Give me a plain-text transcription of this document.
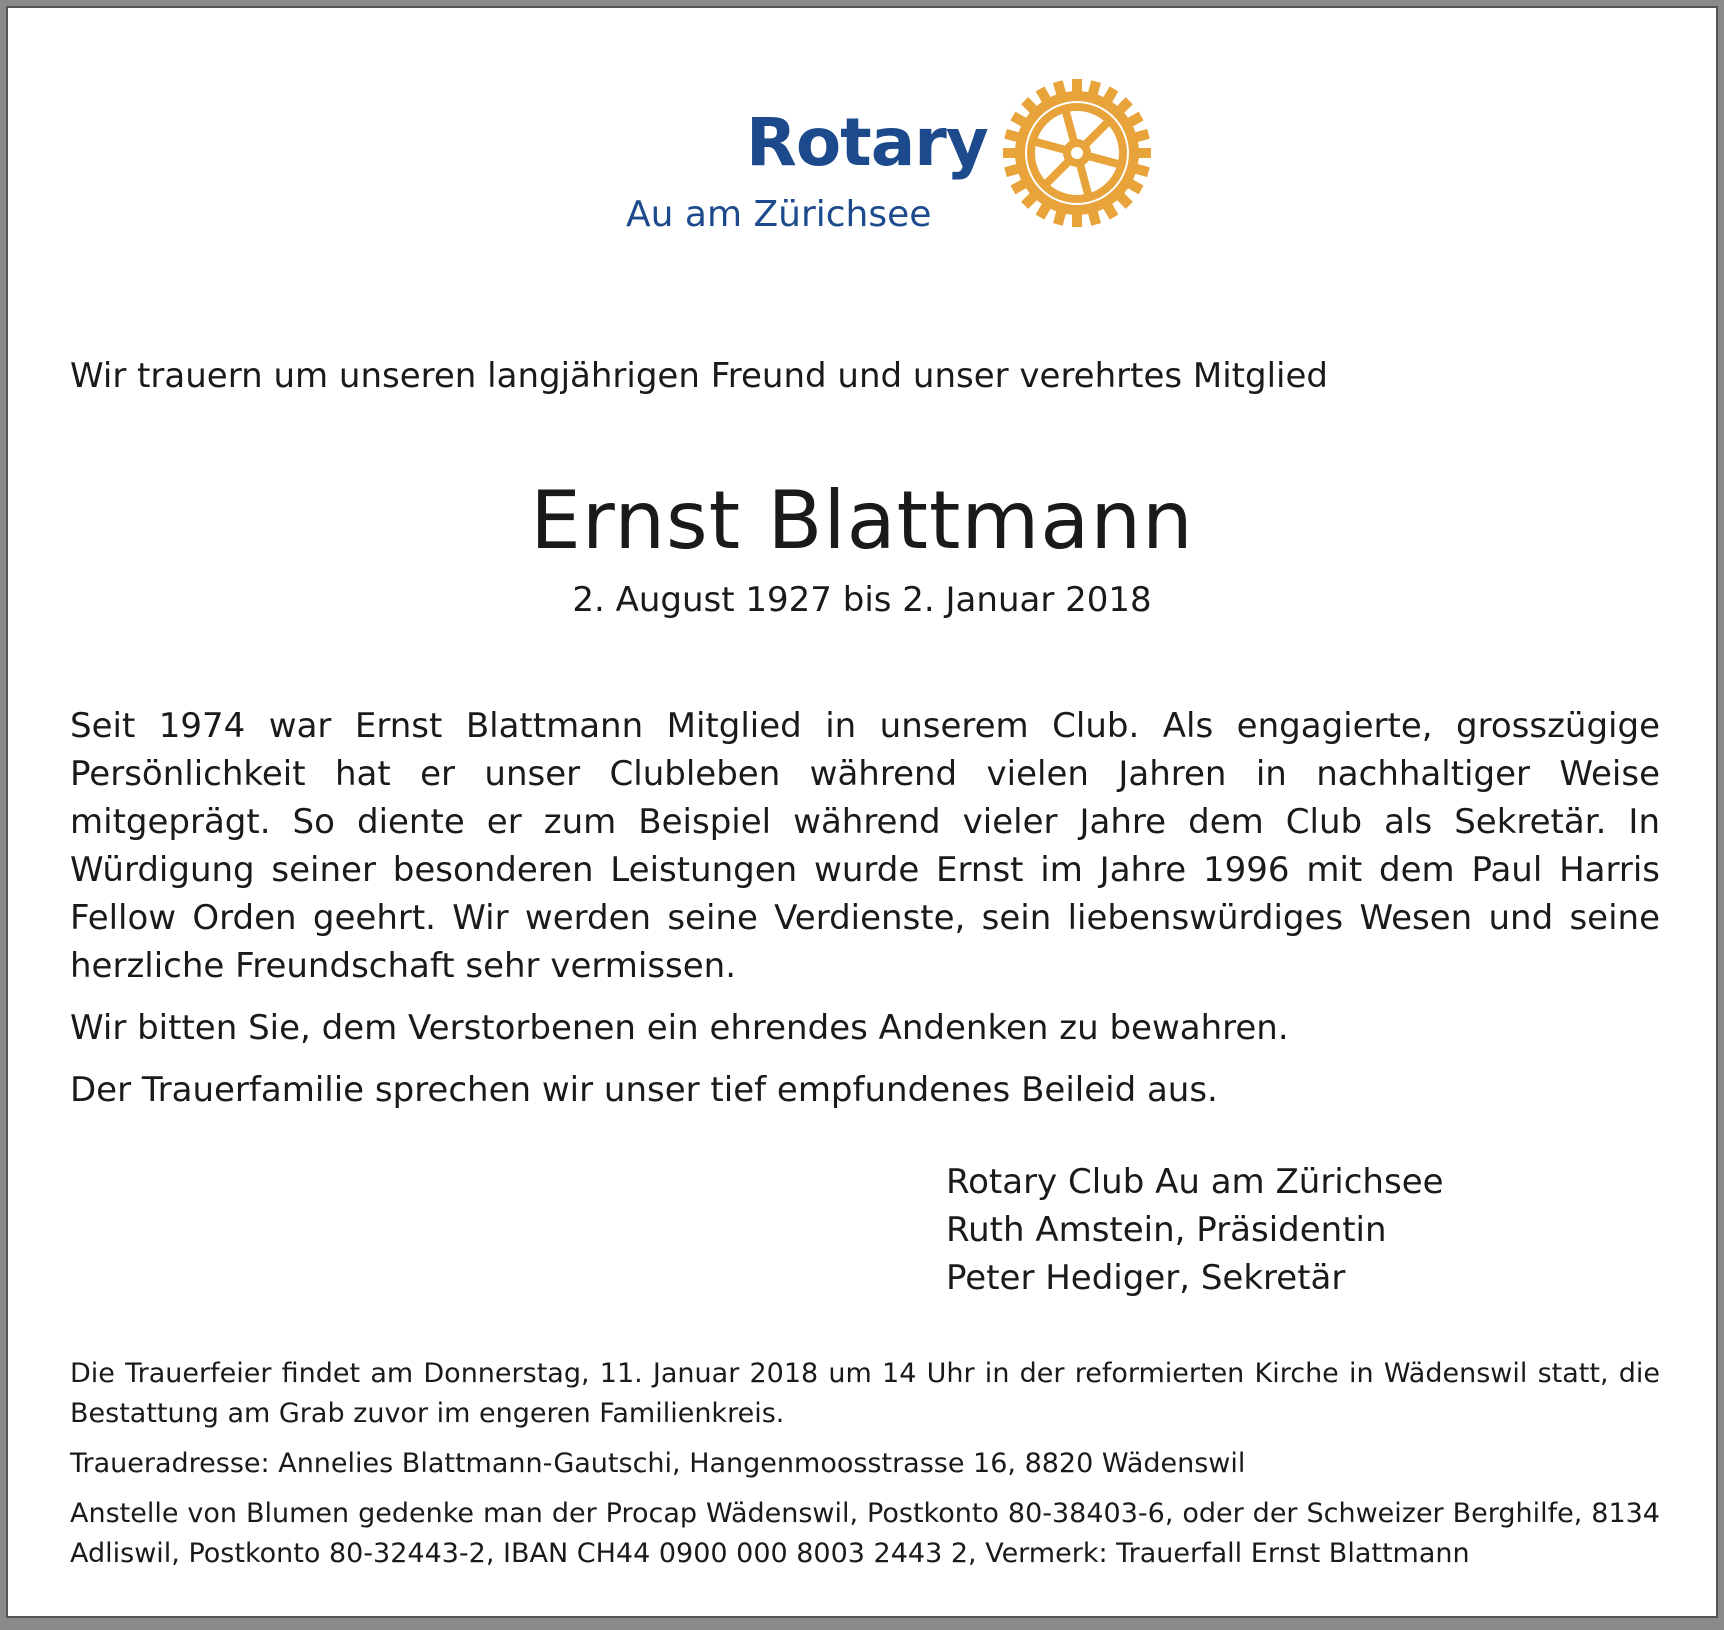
Rotary
Au am Zürichsee
Wir trauern um unseren langjährigen Freund und unser verehrtes Mitglied
Ernst Blattmann
2. August 1927 bis 2. Januar 2018

Seit 1974 war Ernst Blattmann Mitglied in unserem Club. Als engagierte, grosszügige Persönlichkeit hat er unser Clubleben während vielen Jahren in nachhaltiger Weise mitgeprägt. So diente er zum Beispiel während vieler Jahre dem Club als Sekretär. In Würdigung seiner besonderen Leistungen wurde Ernst im Jahre 1996 mit dem Paul Harris Fellow Orden geehrt. Wir werden seine Verdienste, sein liebenswürdiges Wesen und seine herzliche Freundschaft sehr vermissen.

Wir bitten Sie, dem Verstorbenen ein ehrendes Andenken zu bewahren.

Der Trauerfamilie sprechen wir unser tief empfundenes Beileid aus.

Rotary Club Au am Zürichsee
Ruth Amstein, Präsidentin
Peter Hediger, Sekretär

Die Trauerfeier findet am Donnerstag, 11. Januar 2018 um 14 Uhr in der reformierten Kirche in Wädenswil statt, die Bestattung am Grab zuvor im engeren Familienkreis.

Traueradresse: Annelies Blattmann-Gautschi, Hangenmoosstrasse 16, 8820 Wädenswil

Anstelle von Blumen gedenke man der Procap Wädenswil, Postkonto 80-38403-6, oder der Schweizer Berghilfe, 8134 Adliswil, Postkonto 80-32443-2, IBAN CH44 0900 000 8003 2443 2, Vermerk: Trauerfall Ernst Blattmann
